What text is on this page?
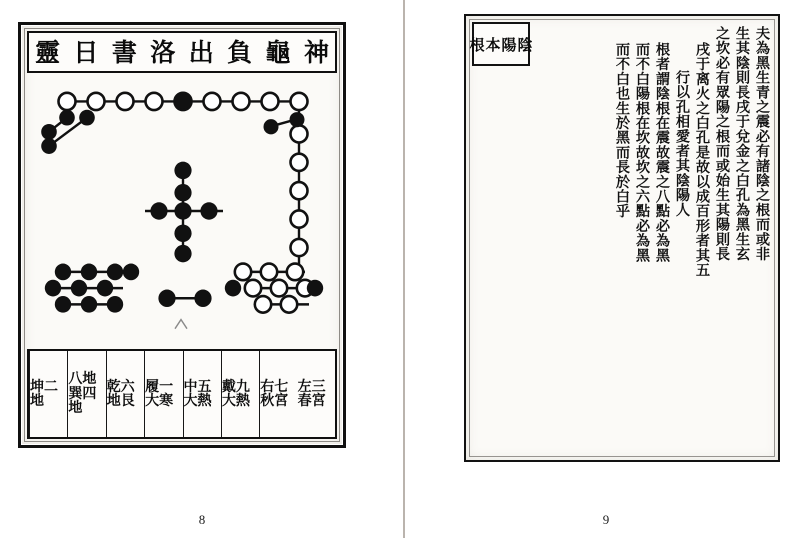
神
龜
負
出
洛
書
日
靈
左三春宮
右七秋宮
戴九大熱
中五大熱
履一大寒
乾六地艮
八地巽四地
坤二地
8
陰
陽
本
根	夫為黑生青之震必有諸陰之根而或非
生其陰則長戌于兌金之白孔為黑生玄
之坎必有眾陽之根而或始生其陽則長
戌于离火之白孔是故以成百形者其五
行以孔相愛者其陰陽人
根者謂陰根在震故震之八點必為黑
而不白陽根在坎故坎之六點必為黑
而不白也生於黑而長於白乎
9
